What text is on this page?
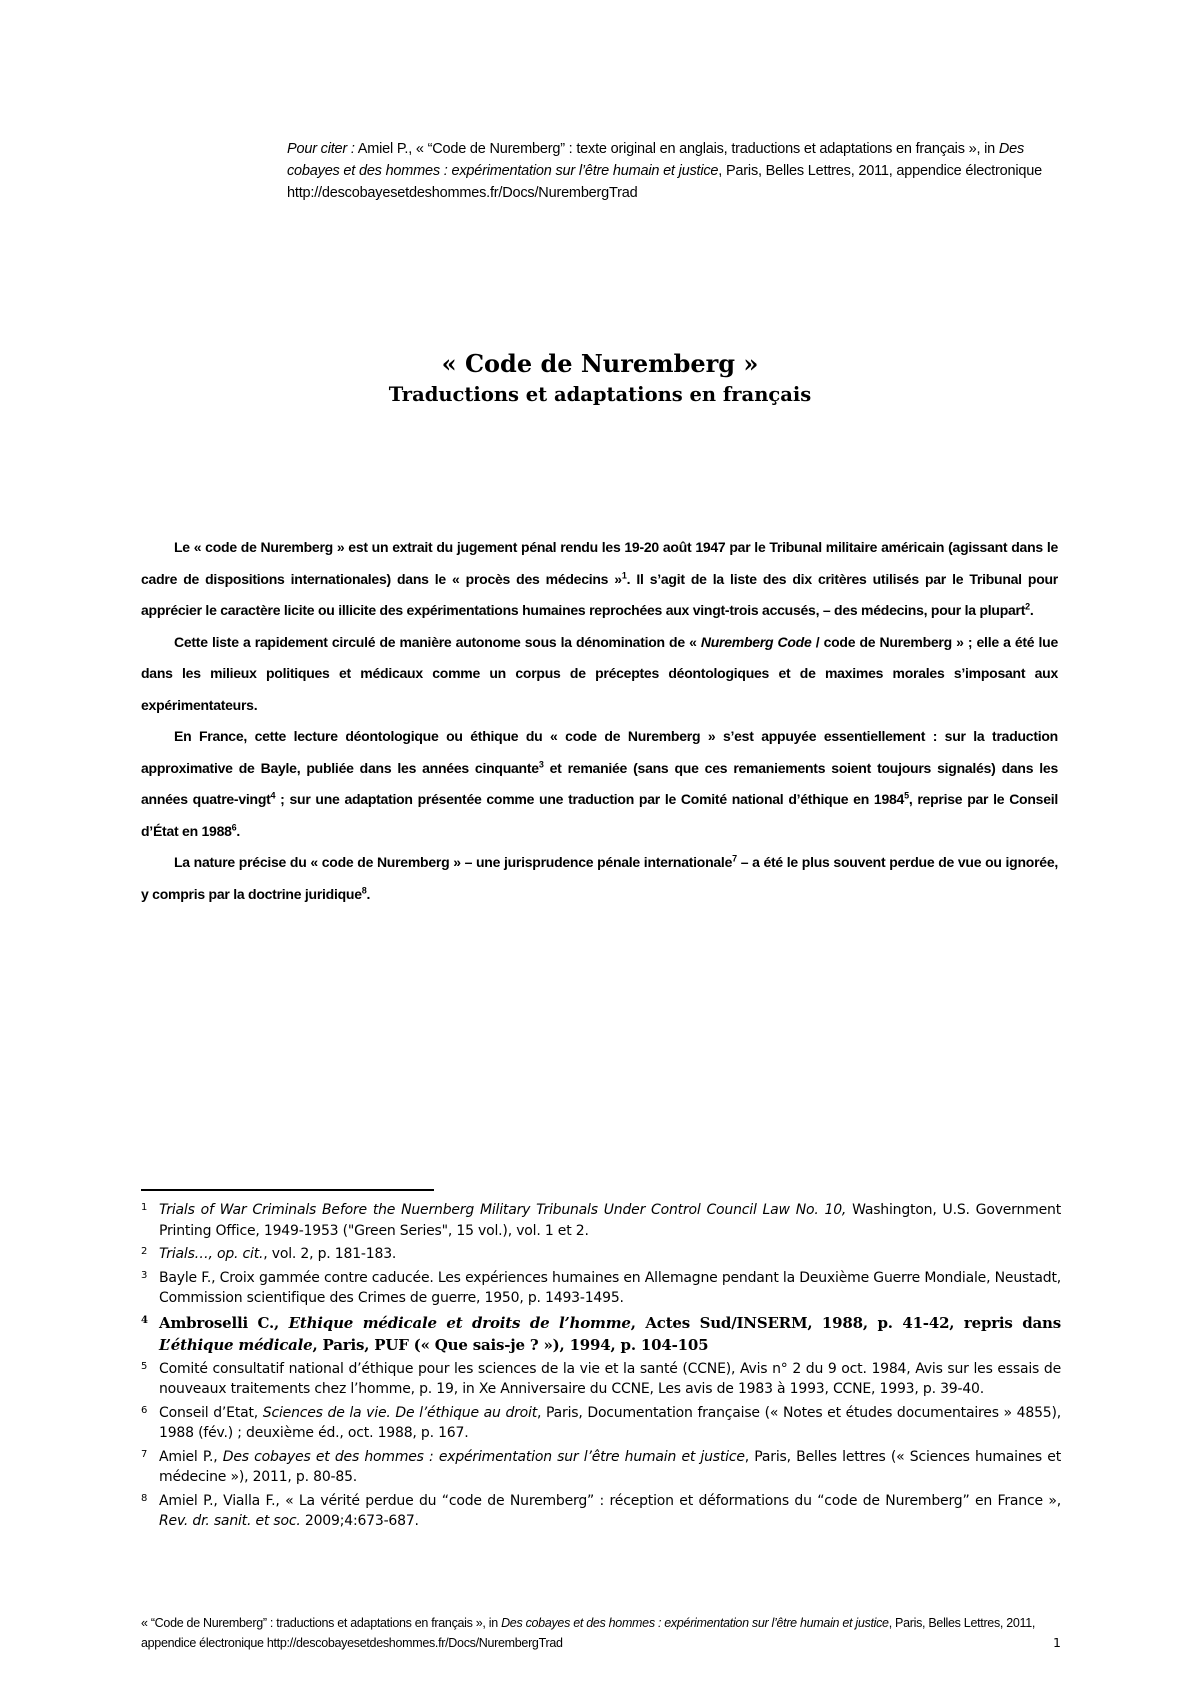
Pour citer : Amiel P., « “Code de Nuremberg” : texte original en anglais, traductions et adaptations en français », in Des cobayes et des hommes : expérimentation sur l’être humain et justice, Paris, Belles Lettres, 2011, appendice électronique http://descobayesetdeshommes.fr/Docs/NurembergTrad
« Code de Nuremberg »
Traductions et adaptations en français

Le « code de Nuremberg » est un extrait du jugement pénal rendu les 19-20 août 1947 par le Tribunal militaire américain (agissant dans le cadre de dispositions internationales) dans le « procès des médecins »$^1$. Il s’agit de la liste des dix critères utilisés par le Tribunal pour apprécier le caractère licite ou illicite des expérimentations humaines reprochées aux vingt-trois accusés, – des médecins, pour la plupart$^2$.

Cette liste a rapidement circulé de manière autonome sous la dénomination de « Nuremberg Code / code de Nuremberg » ; elle a été lue dans les milieux politiques et médicaux comme un corpus de préceptes déontologiques et de maximes morales s’imposant aux expérimentateurs.

En France, cette lecture déontologique ou éthique du « code de Nuremberg » s’est appuyée essentiellement : sur la traduction approximative de Bayle, publiée dans les années cinquante$^3$ et remaniée (sans que ces remaniements soient toujours signalés) dans les années quatre-vingt$^4$ ; sur une adaptation présentée comme une traduction par le Comité national d’éthique en 1984$^5$, reprise par le Conseil d’État en 1988$^6$.

La nature précise du « code de Nuremberg » – une jurisprudence pénale internationale$^7$ – a été le plus souvent perdue de vue ou ignorée, y compris par la doctrine juridique$^8$.

1 Trials of War Criminals Before the Nuernberg Military Tribunals Under Control Council Law No. 10, Washington, U.S. Government Printing Office, 1949-1953 ("Green Series", 15 vol.), vol. 1 et 2.
2 Trials…, op. cit., vol. 2, p. 181-183.
3 Bayle F., Croix gammée contre caducée. Les expériences humaines en Allemagne pendant la Deuxième Guerre Mondiale, Neustadt, Commission scientifique des Crimes de guerre, 1950, p. 1493-1495.
4 Ambroselli C., Ethique médicale et droits de l’homme, Actes Sud/INSERM, 1988, p. 41-42, repris dans L’éthique médicale, Paris, PUF (« Que sais-je ? »), 1994, p. 104-105
5 Comité consultatif national d’éthique pour les sciences de la vie et la santé (CCNE), Avis n° 2 du 9 oct. 1984, Avis sur les essais de nouveaux traitements chez l’homme, p. 19, in Xe Anniversaire du CCNE, Les avis de 1983 à 1993, CCNE, 1993, p. 39-40.
6 Conseil d’Etat, Sciences de la vie. De l’éthique au droit, Paris, Documentation française (« Notes et études documentaires » 4855), 1988 (fév.) ; deuxième éd., oct. 1988, p. 167.
7 Amiel P., Des cobayes et des hommes : expérimentation sur l’être humain et justice, Paris, Belles lettres (« Sciences humaines et médecine »), 2011, p. 80-85.
8 Amiel P., Vialla F., « La vérité perdue du “code de Nuremberg” : réception et déformations du “code de Nuremberg” en France », Rev. dr. sanit. et soc. 2009;4:673-687.
« “Code de Nuremberg” : traductions et adaptations en français », in Des cobayes et des hommes : expérimentation sur l’être humain et justice, Paris, Belles Lettres, 2011, appendice électronique http://descobayesetdeshommes.fr/Docs/NurembergTrad	1
